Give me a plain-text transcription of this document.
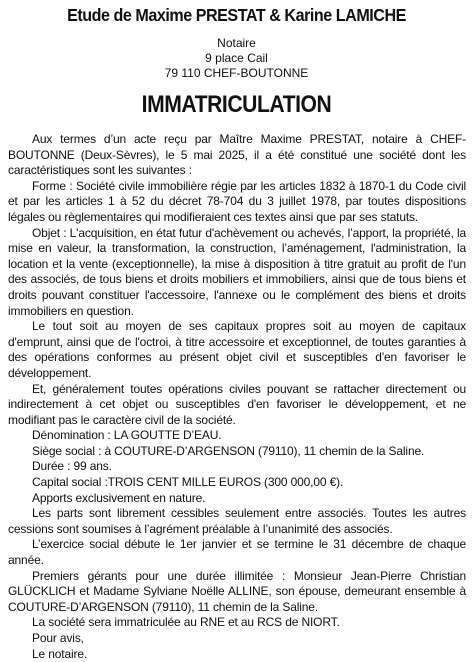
Etude de Maxime PRESTAT & Karine LAMICHE
Notaire
9 place Cail
79 110 CHEF-BOUTONNE
IMMATRICULATION

Aux termes d’un acte reçu par Maître Maxime PRESTAT, notaire à CHEF-BOUTONNE (Deux-Sèvres), le 5 mai 2025, il a été constitué une société dont les caractéristiques sont les suivantes :

Forme : Société civile immobilière régie par les articles 1832 à 1870-1 du Code civil et par les articles 1 à 52 du décret 78-704 du 3 juillet 1978, par toutes dispositions légales ou règlementaires qui modifieraient ces textes ainsi que par ses statuts.

Objet : L'acquisition, en état futur d'achèvement ou achevés, l’apport, la propriété, la mise en valeur, la transformation, la construction, l’aménagement, l'administration, la location et la vente (exceptionnelle), la mise à disposition à titre gratuit au profit de l'un des associés, de tous biens et droits mobiliers et immobiliers, ainsi que de tous biens et droits pouvant constituer l'accessoire, l'annexe ou le complément des biens et droits immobiliers en question.

Le tout soit au moyen de ses capitaux propres soit au moyen de capitaux d'emprunt, ainsi que de l'octroi, à titre accessoire et exceptionnel, de toutes garanties à des opérations conformes au présent objet civil et susceptibles d'en favoriser le développement.

Et, généralement toutes opérations civiles pouvant se rattacher directement ou indirectement à cet objet ou susceptibles d'en favoriser le développement, et ne modifiant pas le caractère civil de la société.

Dénomination : LA GOUTTE D’EAU.

Siège social : à COUTURE-D’ARGENSON (79110), 11 chemin de la Saline.

Durée : 99 ans.

Capital social :TROIS CENT MILLE EUROS (300 000,00 €).

Apports exclusivement en nature.

Les parts sont librement cessibles seulement entre associés. Toutes les autres cessions sont soumises à l’agrément préalable à l’unanimité des associés.

L’exercice social débute le 1er janvier et se termine le 31 décembre de chaque année.

Premiers gérants pour une durée illimitée : Monsieur Jean-Pierre Christian GLÜCKLICH et Madame Sylviane Noëlle ALLINE, son épouse, demeurant ensemble à COUTURE-D’ARGENSON (79110), 11 chemin de la Saline.

La société sera immatriculée au RNE et au RCS de NIORT.

Pour avis,

Le notaire.
